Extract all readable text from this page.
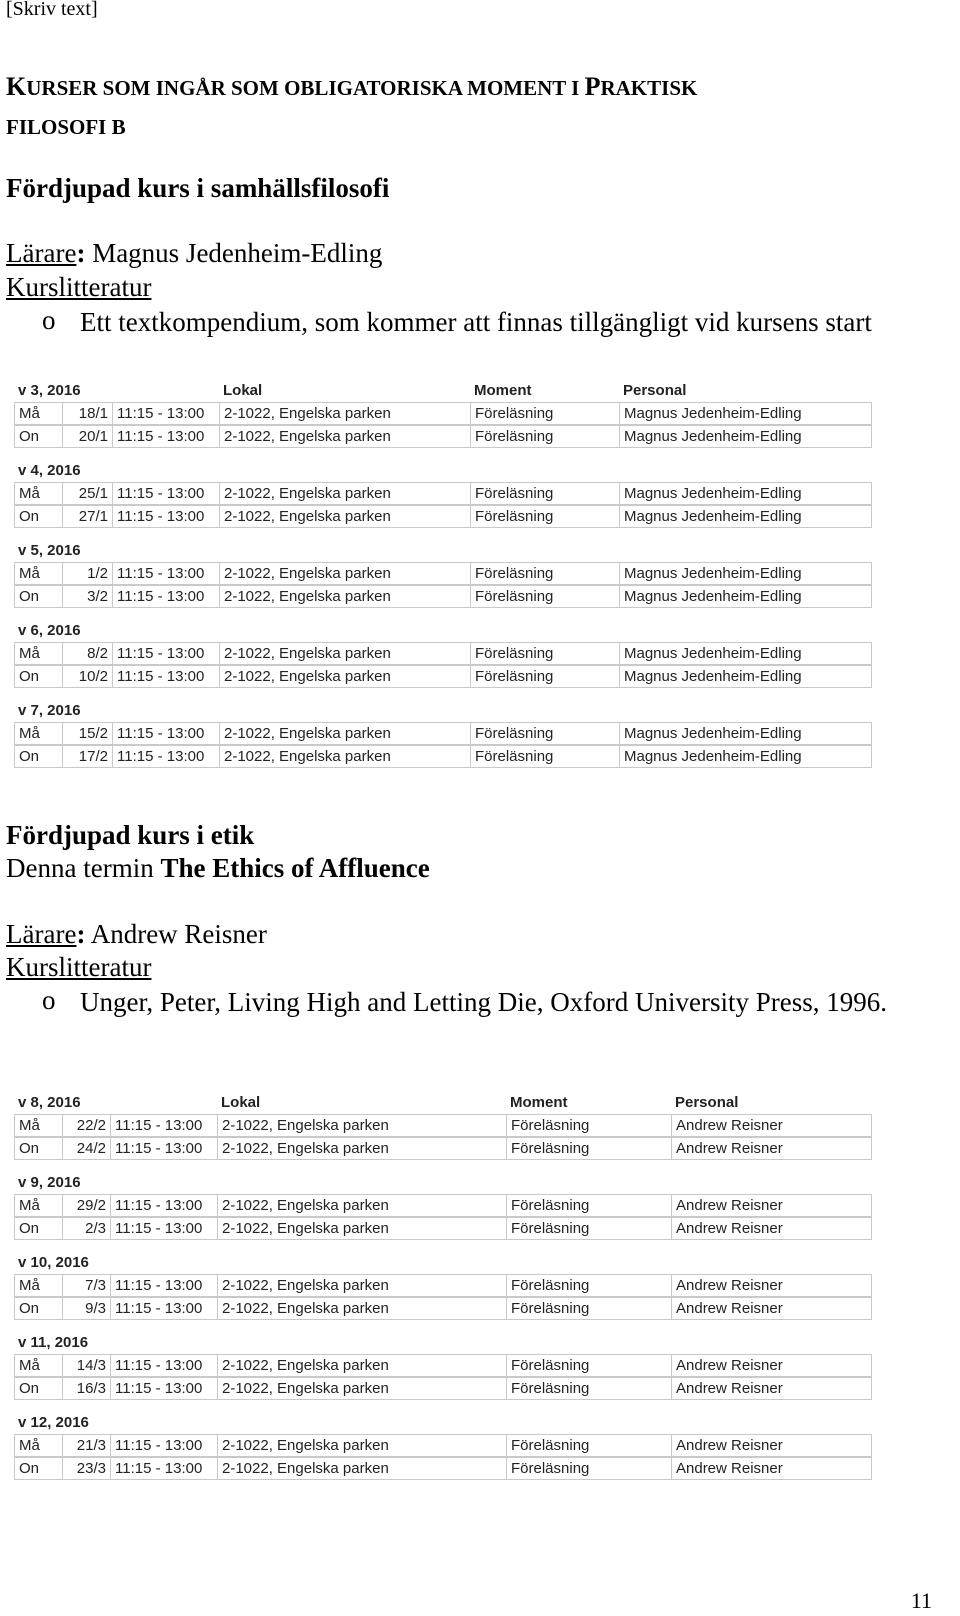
[Skriv text]
KURSER SOM INGÅR SOM OBLIGATORISKA MOMENT I PRAKTISK
FILOSOFI B
Fördjupad kurs i samhällsfilosofi
Lärare: Magnus Jedenheim-Edling
Kurslitteratur
o Ett textkompendium, som kommer att finnas tillgängligt vid kursens start
Lokal	Moment	Personal
v 3, 2016
Må	18/1 11:15 - 13:00	2-1022, Engelska parken	Föreläsning	Magnus Jedenheim-Edling
On	20/1 11:15 - 13:00	2-1022, Engelska parken	Föreläsning	Magnus Jedenheim-Edling
v 4, 2016
Må	25/1 11:15 - 13:00	2-1022, Engelska parken	Föreläsning	Magnus Jedenheim-Edling
On	27/1 11:15 - 13:00	2-1022, Engelska parken	Föreläsning	Magnus Jedenheim-Edling
v 5, 2016
Må	1/2 11:15 - 13:00	2-1022, Engelska parken	Föreläsning	Magnus Jedenheim-Edling
On	3/2 11:15 - 13:00	2-1022, Engelska parken	Föreläsning	Magnus Jedenheim-Edling
v 6, 2016
Må	8/2 11:15 - 13:00	2-1022, Engelska parken	Föreläsning	Magnus Jedenheim-Edling
On	10/2 11:15 - 13:00	2-1022, Engelska parken	Föreläsning	Magnus Jedenheim-Edling
v 7, 2016
Må	15/2 11:15 - 13:00	2-1022, Engelska parken	Föreläsning	Magnus Jedenheim-Edling
On	17/2 11:15 - 13:00	2-1022, Engelska parken	Föreläsning	Magnus Jedenheim-Edling
Fördjupad kurs i etik
Denna termin The Ethics of Affluence
Lärare: Andrew Reisner
Kurslitteratur
o Unger, Peter, Living High and Letting Die, Oxford University Press, 1996.
Lokal	Moment	Personal
v 8, 2016
Må	22/2 11:15 - 13:00	2-1022, Engelska parken	Föreläsning	Andrew Reisner
On	24/2 11:15 - 13:00	2-1022, Engelska parken	Föreläsning	Andrew Reisner
v 9, 2016
Må	29/2 11:15 - 13:00	2-1022, Engelska parken	Föreläsning	Andrew Reisner
On	2/3 11:15 - 13:00	2-1022, Engelska parken	Föreläsning	Andrew Reisner
v 10, 2016
Må	7/3 11:15 - 13:00	2-1022, Engelska parken	Föreläsning	Andrew Reisner
On	9/3 11:15 - 13:00	2-1022, Engelska parken	Föreläsning	Andrew Reisner
v 11, 2016
Må	14/3 11:15 - 13:00	2-1022, Engelska parken	Föreläsning	Andrew Reisner
On	16/3 11:15 - 13:00	2-1022, Engelska parken	Föreläsning	Andrew Reisner
v 12, 2016
Må	21/3 11:15 - 13:00	2-1022, Engelska parken	Föreläsning	Andrew Reisner
On	23/3 11:15 - 13:00	2-1022, Engelska parken	Föreläsning	Andrew Reisner
11
